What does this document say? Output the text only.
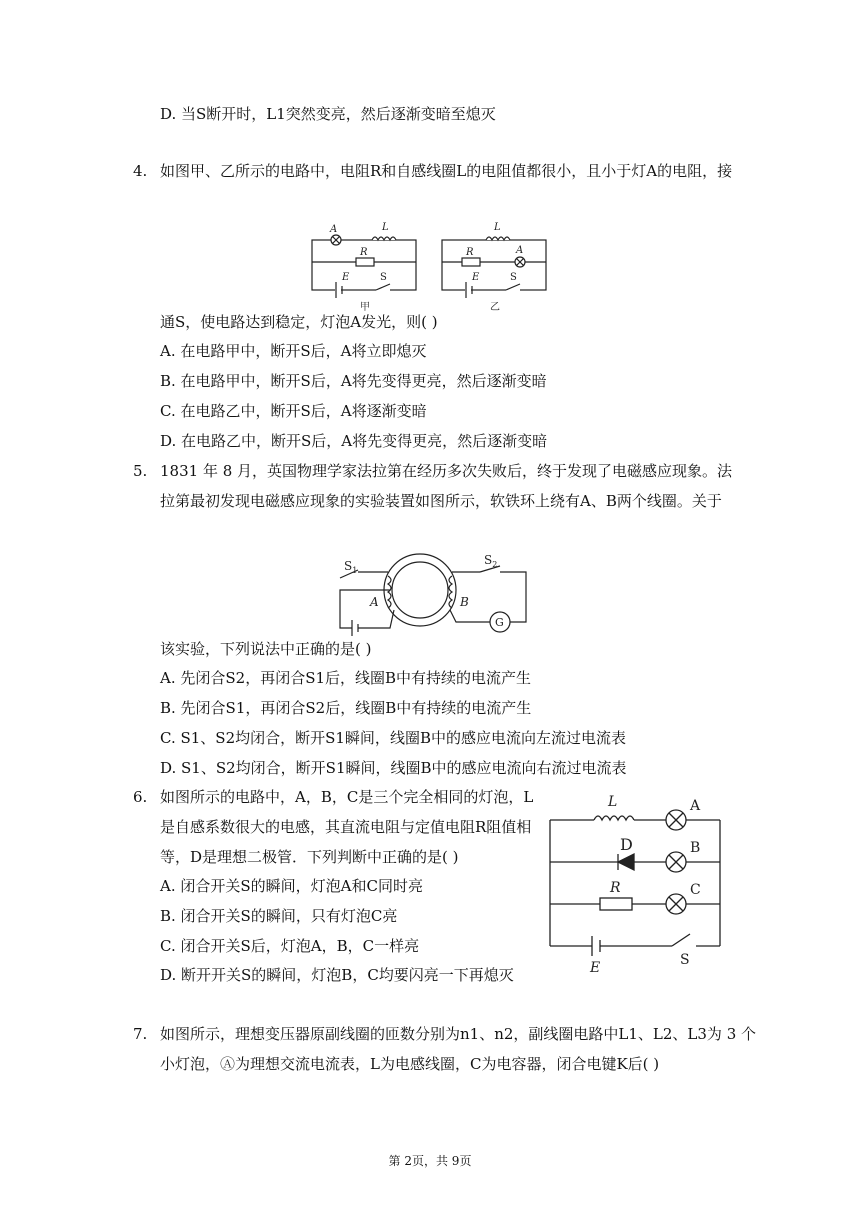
D. 当S断开时，L1突然变亮，然后逐渐变暗至熄灭
4. 如图甲、乙所示的电路中，电阻R和自感线圈L的电阻值都很小，且小于灯A的电阻，接
A	L
R
E	S
甲
L
R	A
E	S
乙
通S，使电路达到稳定，灯泡A发光，则( )
A. 在电路甲中，断开S后，A将立即熄灭
B. 在电路甲中，断开S后，A将先变得更亮，然后逐渐变暗
C. 在电路乙中，断开S后，A将逐渐变暗
D. 在电路乙中，断开S后，A将先变得更亮，然后逐渐变暗
5. 1831 年 8 月，英国物理学家法拉第在经历多次失败后，终于发现了电磁感应现象。法
拉第最初发现电磁感应现象的实验装置如图所示，软铁环上绕有A、B两个线圈。关于
$S_1$
A	B
$S_2$
G
该实验，下列说法中正确的是( )
A. 先闭合S2，再闭合S1后，线圈B中有持续的电流产生
B. 先闭合S1，再闭合S2后，线圈B中有持续的电流产生
C. S1、S2均闭合，断开S1瞬间，线圈B中的感应电流向左流过电流表
D. S1、S2均闭合，断开S1瞬间，线圈B中的感应电流向右流过电流表
6. 如图所示的电路中，A，B，C是三个完全相同的灯泡，L
是自感系数很大的电感，其直流电阻与定值电阻R阻值相
等，D是理想二极管．下列判断中正确的是( )
A. 闭合开关S的瞬间，灯泡A和C同时亮
B. 闭合开关S的瞬间，只有灯泡C亮
C. 闭合开关S后，灯泡A，B，C一样亮
D. 断开开关S的瞬间，灯泡B，C均要闪亮一下再熄灭
L	A
D	B
R	C
E	S
7. 如图所示，理想变压器原副线圈的匝数分别为n1、n2，副线圈电路中L1、L2、L3为 3 个
小灯泡，Ⓐ为理想交流电流表，L为电感线圈，C为电容器，闭合电键K后( )
第 2页，共 9页
